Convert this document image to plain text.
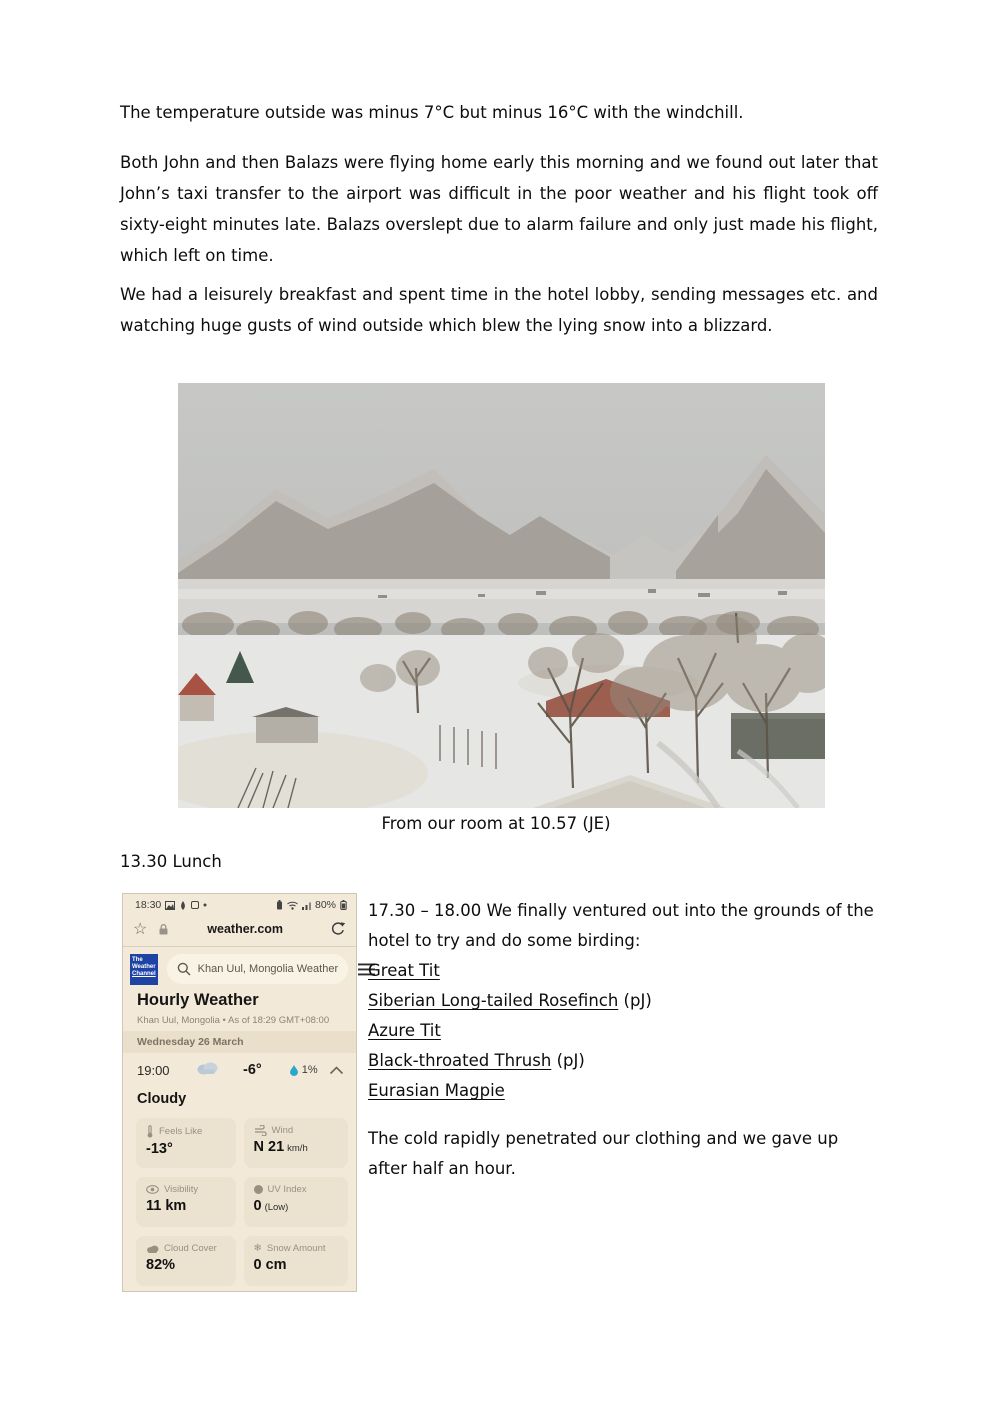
The temperature outside was minus 7°C but minus 16°C with the windchill.

Both John and then Balazs were flying home early this morning and we found out later that John’s taxi transfer to the airport was difficult in the poor weather and his flight took off sixty-eight minutes late. Balazs overslept due to alarm failure and only just made his flight, which left on time.

We had a leisurely breakfast and spent time in the hotel lobby, sending messages etc. and watching huge gusts of wind outside which blew the lying snow into a blizzard.

From our room at 10.57 (JE)
13.30 Lunch
18:30	80%
☆	weather.com
The
Weather
Channel	Khan Uul, Mongolia Weather
Hourly Weather
Khan Uul, Mongolia • As of 18:29 GMT+08:00
Wednesday 26 March
19:00	-6°	1%
Cloudy
Feels Like
-13°
Wind
N 21 km/h
Visibility
11 km
UV Index
0 (Low)
Cloud Cover
82%
❄ Snow Amount
0 cm
17.30 – 18.00 We finally ventured out into the grounds of the hotel to try and do some birding:
Great Tit
Siberian Long-tailed Rosefinch (pJ)
Azure Tit
Black-throated Thrush (pJ)
Eurasian Magpie
The cold rapidly penetrated our clothing and we gave up after half an hour.
